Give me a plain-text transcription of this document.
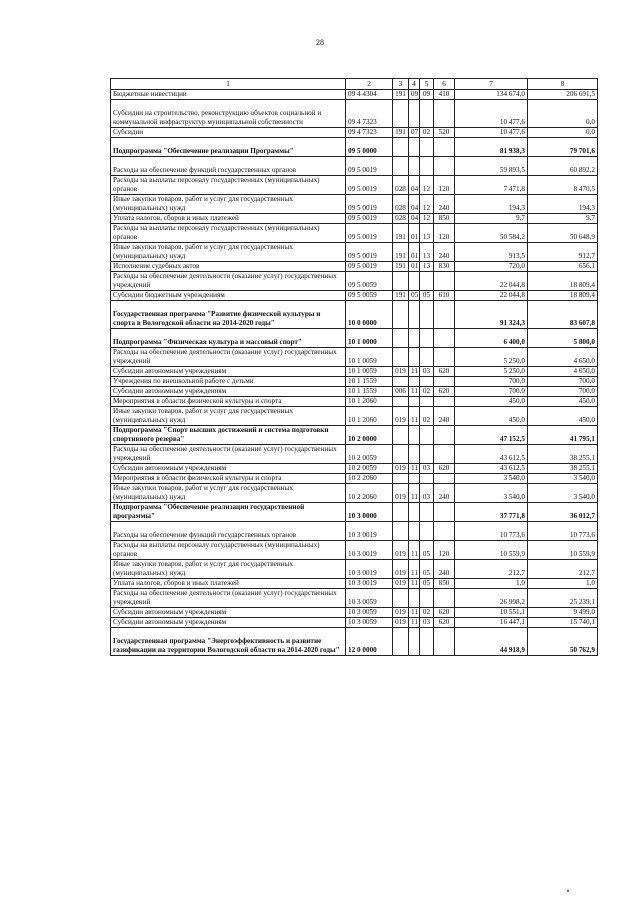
28
1	2	3	4	5	6	7	8
Бюджетные инвестиции	09 4 4304	191	09	09	410	134 674,0	206 691,5
Субсидии на строительство, реконструкцию объектов социальной и коммунальной инфраструктур муниципальной собственности	09 4 7323					10 477,6	0,0
Субсидии	09 4 7323	191	07	02	520	10 477,6	0,0
Подпрограмма "Обеспечение реализации Программы"	09 5 0000					81 938,3	79 701,6
Расходы на обеспечение функций государственных органов	09 5 0019					59 893,5	60 892,2
Расходы на выплаты персоналу государственных (муниципальных) органов	09 5 0019	028	04	12	120	7 471,8	8 470,5
Иные закупки товаров, работ и услуг для государственных (муниципальных) нужд	09 5 0019	028	04	12	240	194,3	194,3
Уплата налогов, сборов и иных платежей	09 5 0019	028	04	12	850	9,7	9,7
Расходы на выплаты персоналу государственных (муниципальных) органов	09 5 0019	191	01	13	120	50 584,2	50 648,9
Иные закупки товаров, работ и услуг для государственных (муниципальных) нужд	09 5 0019	191	01	13	240	913,5	912,7
Исполнение судебных актов	09 5 0019	191	01	13	830	720,0	656,1
Расходы на обеспечение деятельности (оказание услуг) государственных учреждений	09 5 0059					22 044,8	18 809,4
Субсидии бюджетным учреждениям	09 5 0059	191	05	05	610	22 044,8	18 809,4
Государственная программа "Развитие физической культуры и спорта в Вологодской области на 2014-2020 годы"	10 0 0000					91 324,3	83 607,8
Подпрограмма "Физическая культура и массовый спорт"	10 1 0000					6 400,0	5 800,0
Расходы на обеспечение деятельности (оказание услуг) государственных учреждений	10 1 0059					5 250,0	4 650,0
Субсидии автономным учреждениям	10 1 0059	019	11	03	620	5 250,0	4 650,0
Учреждения по внешкольной работе с детьми	10 1 1559					700,0	700,0
Субсидии автономным учреждениям	10 1 1559	006	11	02	620	700,0	700,0
Мероприятия в области физической культуры и спорта	10 1 2060					450,0	450,0
Иные закупки товаров, работ и услуг для государственных (муниципальных) нужд	10 1 2060	019	11	02	240	450,0	450,0
Подпрограмма "Спорт высших достижений и система подготовки спортивного резерва"	10 2 0000					47 152,5	41 795,1
Расходы на обеспечение деятельности (оказание услуг) государственных учреждений	10 2 0059					43 612,5	38 255,1
Субсидии автономным учреждениям	10 2 0059	019	11	03	620	43 612,5	38 255,1
Мероприятия в области физической культуры и спорта	10 2 2060					3 540,0	3 540,0
Иные закупки товаров, работ и услуг для государственных (муниципальных) нужд	10 2 2060	019	11	03	240	3 540,0	3 540,0
Подпрограмма "Обеспечение реализации государственной программы"	10 3 0000					37 771,8	36 012,7
Расходы на обеспечение функций государственных органов	10 3 0019					10 773,6	10 773,6
Расходы на выплаты персоналу государственных (муниципальных) органов	10 3 0019	019	11	05	120	10 559,9	10 559,9
Иные закупки товаров, работ и услуг для государственных (муниципальных) нужд	10 3 0019	019	11	05	240	212,7	212,7
Уплата налогов, сборов и иных платежей	10 3 0019	019	11	05	850	1,0	1,0
Расходы на обеспечение деятельности (оказание услуг) государственных учреждений	10 3 0059					26 998,2	25 239,1
Субсидии автономным учреждениям	10 3 0059	019	11	02	620	10 551,1	9 499,0
Субсидии автономным учреждениям	10 3 0059	019	11	03	620	16 447,1	15 740,1
Государственная программа "Энергоэффективность и развитие газификации на территории Вологодской области на 2014-2020 годы"	12 0 0000					44 918,9	50 762,9
